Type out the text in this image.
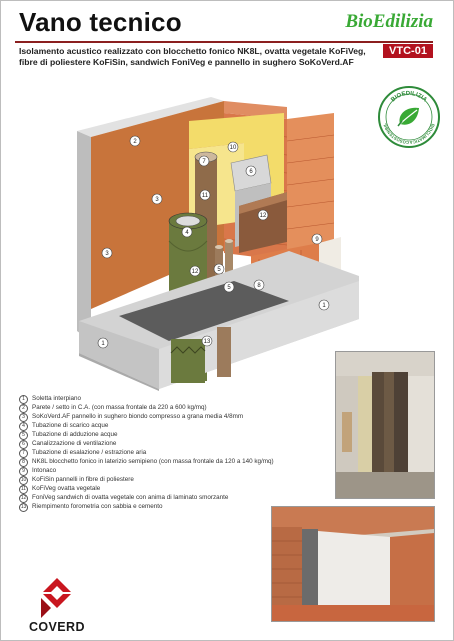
Vano tecnico	BioEdilizia
VTC-01
Isolamento acustico realizzato con blocchetto fonico NK8L, ovatta vegetale KoFiVeg,
fibre di poliestere KoFiSin, sandwich FoniVeg e pannello in sughero SoKoVerd.AF
BIOEDILIZIA
COSOSTENIBIL	BIOCLIMATICA
2
3
3
10
6
7
11
12
4
12	5
5
9
8
1
1	13
1	Soletta interpiano
2	Parete / setto in C.A. (con massa frontale da 220 a 600 kg/mq)
3	SoKoVerd.AF pannello in sughero biondo compresso a grana media 4/8mm
4	Tubazione di scarico acque
5	Tubazione di adduzione acque
6	Canalizzazione di ventilazione
7	Tubazione di esalazione / estrazione aria
8	NK8L blocchetto fonico in laterizio semipieno (con massa frontale da 120 a 140 kg/mq)
9	Intonaco
10 KoFiSin pannelli in fibre di poliestere
11 KoFiVeg ovatta vegetale
12 FoniVeg sandwich di ovatta vegetale con anima di laminato smorzante
13 Riempimento forometria con sabbia e cemento
COVERD
